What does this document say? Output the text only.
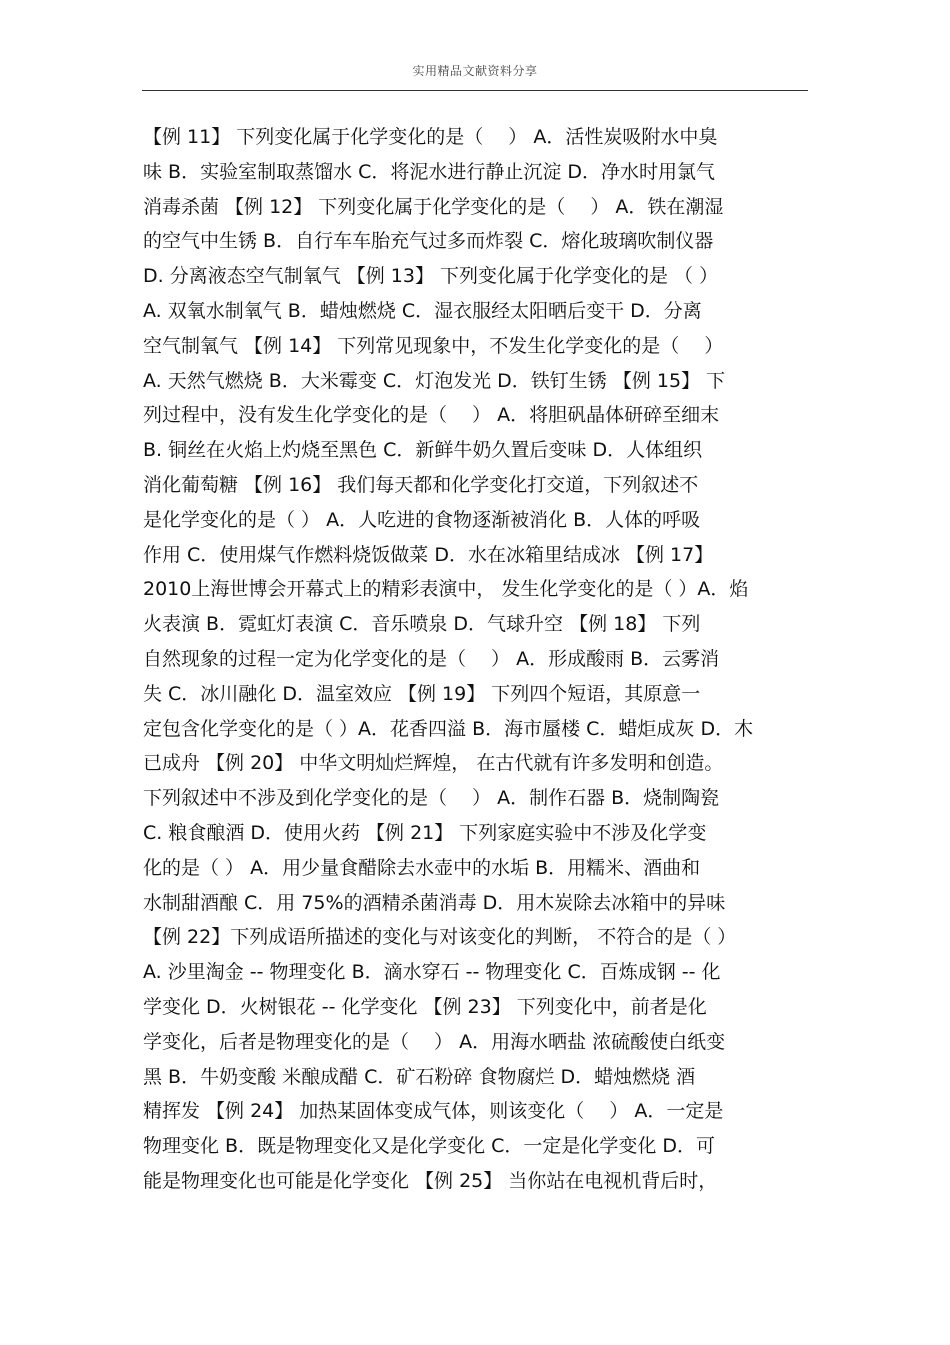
实用精品文献资料分享
【例 11】 下列变化属于化学变化的是（　 ） A．活性炭吸附水中臭
味 B．实验室制取蒸馏水 C．将泥水进行静止沉淀 D．净水时用氯气
消毒杀菌 【例 12】 下列变化属于化学变化的是（　 ） A．铁在潮湿
的空气中生锈 B．自行车车胎充气过多而炸裂 C．熔化玻璃吹制仪器
D. 分离液态空气制氧气 【例 13】 下列变化属于化学变化的是 （ ）
A. 双氧水制氧气 B．蜡烛燃烧 C．湿衣服经太阳晒后变干 D．分离
空气制氧气 【例 14】 下列常见现象中，不发生化学变化的是（　 ）
A. 天然气燃烧 B．大米霉变 C．灯泡发光 D．铁钉生锈 【例 15】 下
列过程中，没有发生化学变化的是（　 ） A．将胆矾晶体研碎至细末
B. 铜丝在火焰上灼烧至黑色 C．新鲜牛奶久置后变味 D．人体组织
消化葡萄糖 【例 16】 我们每天都和化学变化打交道，下列叙述不
是化学变化的是（ ） A．人吃进的食物逐渐被消化 B．人体的呼吸
作用 C．使用煤气作燃料烧饭做菜 D．水在冰箱里结成冰 【例 17】
2010上海世博会开幕式上的精彩表演中， 发生化学变化的是（ ）A．焰
火表演 B．霓虹灯表演 C．音乐喷泉 D．气球升空 【例 18】 下列
自然现象的过程一定为化学变化的是（　 ） A．形成酸雨 B．云雾消
失 C．冰川融化 D．温室效应 【例 19】 下列四个短语，其原意一
定包含化学变化的是（ ）A．花香四溢 B．海市蜃楼 C．蜡炬成灰 D．木
已成舟 【例 20】 中华文明灿烂辉煌， 在古代就有许多发明和创造。
下列叙述中不涉及到化学变化的是（　 ） A．制作石器 B．烧制陶瓷
C. 粮食酿酒 D．使用火药 【例 21】 下列家庭实验中不涉及化学变
化的是（ ） A．用少量食醋除去水壶中的水垢 B．用糯米、酒曲和
水制甜酒酿 C．用 75%的酒精杀菌消毒 D．用木炭除去冰箱中的异味
【例 22】下列成语所描述的变化与对该变化的判断， 不符合的是（ ）
A. 沙里淘金 -- 物理变化 B．滴水穿石 -- 物理变化 C．百炼成钢 -- 化
学变化 D．火树银花 -- 化学变化 【例 23】 下列变化中，前者是化
学变化，后者是物理变化的是（　 ） A．用海水晒盐 浓硫酸使白纸变
黑 B．牛奶变酸 米酿成醋 C．矿石粉碎 食物腐烂 D．蜡烛燃烧 酒
精挥发 【例 24】 加热某固体变成气体，则该变化（　 ） A．一定是
物理变化 B．既是物理变化又是化学变化 C．一定是化学变化 D．可
能是物理变化也可能是化学变化 【例 25】 当你站在电视机背后时，
